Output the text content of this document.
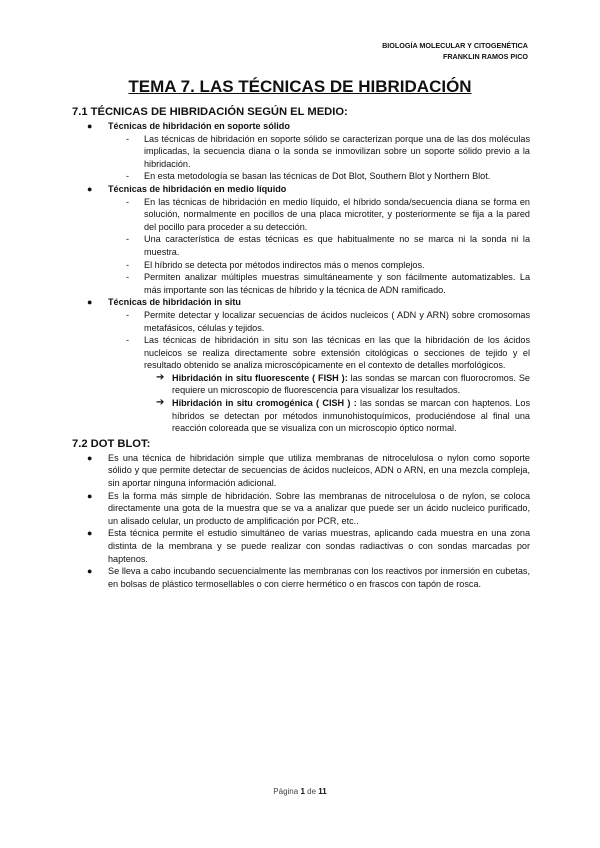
BIOLOGÍA MOLECULAR Y CITOGENÉTICA
FRANKLIN RAMOS PICO
TEMA 7. LAS TÉCNICAS DE HIBRIDACIÓN
7.1 TÉCNICAS DE HIBRIDACIÓN SEGÚN EL MEDIO:

● Técnicas de hibridación en soporte sólido

- Las técnicas de hibridación en soporte sólido se caracterizan porque una de las dos moléculas implicadas, la secuencia diana o la sonda se inmovilizan sobre un soporte sólido previo a la hibridación.

- En esta metodología se basan las técnicas de Dot Blot, Southern Blot y Northern Blot.

● Técnicas de hibridación en medio líquido

- En las técnicas de hibridación en medio líquido, el híbrido sonda/secuencia diana se forma en solución, normalmente en pocillos de una placa microtiter, y posteriormente se fija a la pared del pocillo para proceder a su detección.

- Una característica de estas técnicas es que habitualmente no se marca ni la sonda ni la muestra.

- El híbrido se detecta por métodos indirectos más o menos complejos.

- Permiten analizar múltiples muestras simultáneamente y son fácilmente automatizables. La más importante son las técnicas de híbrido y la técnica de ADN ramificado.

● Técnicas de hibridación in situ

- Permite detectar y localizar secuencias de ácidos nucleicos ( ADN y ARN) sobre cromosomas metafásicos, células y tejidos.

- Las técnicas de hibridación in situ son las técnicas en las que la hibridación de los ácidos nucleicos se realiza directamente sobre extensión citológicas o secciones de tejido y el resultado obtenido se analiza microscópicamente en el contexto de detalles morfológicos.

➔ Hibridación in situ fluorescente ( FISH ): las sondas se marcan con fluorocromos. Se requiere un microscopio de fluorescencia para visualizar los resultados.

➔ Hibridación in situ cromogénica ( CISH ) : las sondas se marcan con haptenos. Los híbridos se detectan por métodos inmunohistoquímicos, produciéndose al final una reacción coloreada que se visualiza con un microscopio óptico normal.

7.2 DOT BLOT:

● Es una técnica de hibridación simple que utiliza membranas de nitrocelulosa o nylon como soporte sólido y que permite detectar de secuencias de ácidos nucleicos, ADN o ARN, en una mezcla compleja, sin aportar ninguna información adicional.

● Es la forma más simple de hibridación. Sobre las membranas de nitrocelulosa o de nylon, se coloca directamente una gota de la muestra que se va a analizar que puede ser un ácido nucleico purificado, un alisado celular, un producto de amplificación por PCR, etc..

● Esta técnica permite el estudio simultáneo de varias muestras, aplicando cada muestra en una zona distinta de la membrana y se puede realizar con sondas radiactivas o con sondas marcadas por haptenos.

● Se lleva a cabo incubando secuencialmente las membranas con los reactivos por inmersión en cubetas, en bolsas de plástico termosellables o con cierre hermético o en frascos con tapón de rosca.

Página 1 de 11
